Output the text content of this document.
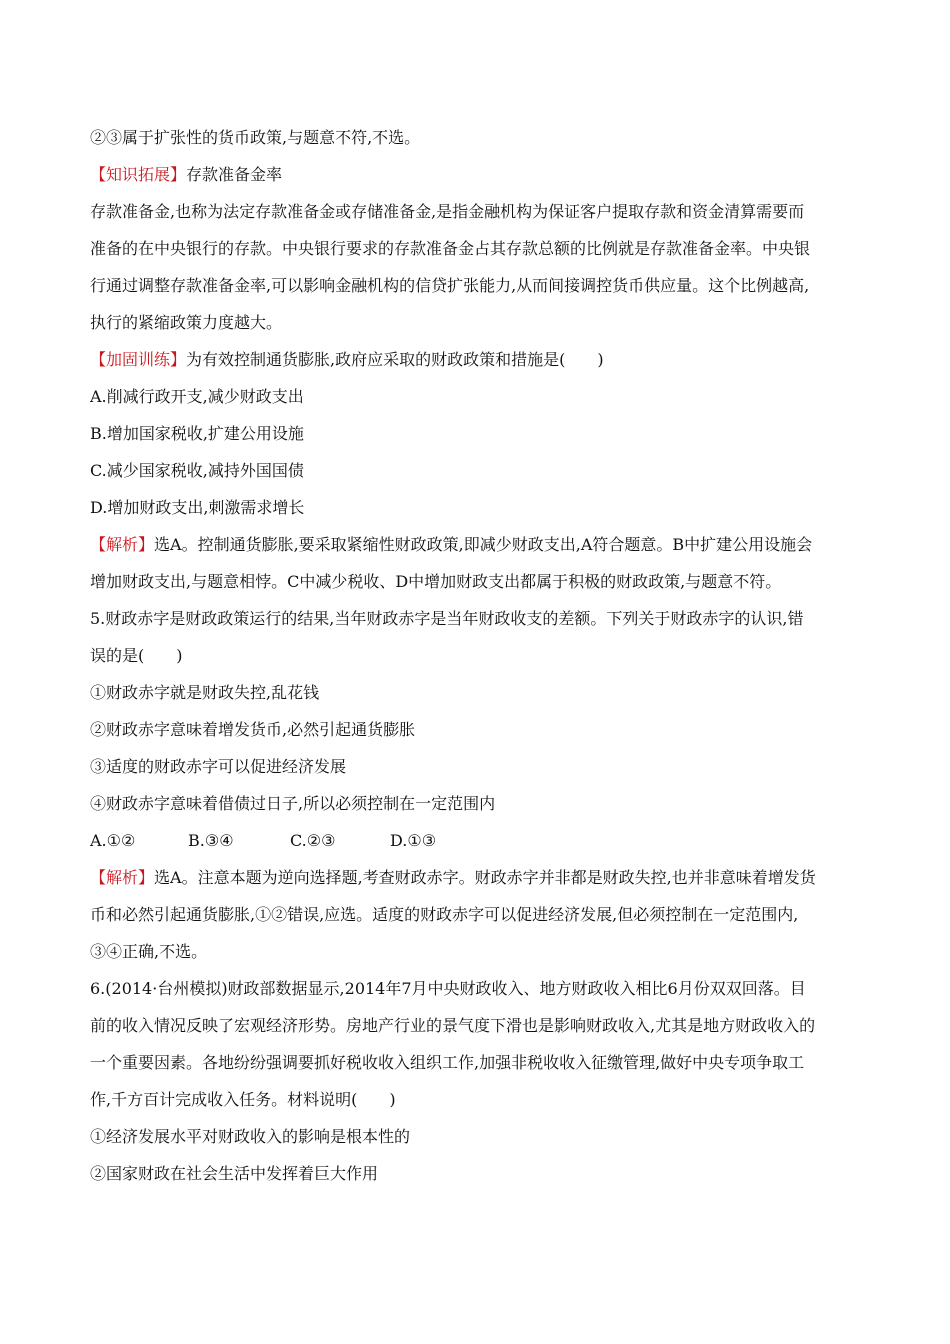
②③属于扩张性的货币政策,与题意不符,不选。
【知识拓展】存款准备金率
存款准备金,也称为法定存款准备金或存储准备金,是指金融机构为保证客户提取存款和资金清算需要而
准备的在中央银行的存款。中央银行要求的存款准备金占其存款总额的比例就是存款准备金率。中央银
行通过调整存款准备金率,可以影响金融机构的信贷扩张能力,从而间接调控货币供应量。这个比例越高,
执行的紧缩政策力度越大。
【加固训练】为有效控制通货膨胀,政府应采取的财政政策和措施是(　　)
A.削减行政开支,减少财政支出
B.增加国家税收,扩建公用设施
C.减少国家税收,减持外国国债
D.增加财政支出,刺激需求增长
【解析】选A。控制通货膨胀,要采取紧缩性财政政策,即减少财政支出,A符合题意。B中扩建公用设施会
增加财政支出,与题意相悖。C中减少税收、D中增加财政支出都属于积极的财政政策,与题意不符。
5.财政赤字是财政政策运行的结果,当年财政赤字是当年财政收支的差额。下列关于财政赤字的认识,错
误的是(　　)
①财政赤字就是财政失控,乱花钱
②财政赤字意味着增发货币,必然引起通货膨胀
③适度的财政赤字可以促进经济发展
④财政赤字意味着借债过日子,所以必须控制在一定范围内
A.①②	B.③④	C.②③	D.①③
【解析】选A。注意本题为逆向选择题,考查财政赤字。财政赤字并非都是财政失控,也并非意味着增发货
币和必然引起通货膨胀,①②错误,应选。适度的财政赤字可以促进经济发展,但必须控制在一定范围内,
③④正确,不选。
6.(2014·台州模拟)财政部数据显示,2014年7月中央财政收入、地方财政收入相比6月份双双回落。目
前的收入情况反映了宏观经济形势。房地产行业的景气度下滑也是影响财政收入,尤其是地方财政收入的
一个重要因素。各地纷纷强调要抓好税收收入组织工作,加强非税收收入征缴管理,做好中央专项争取工
作,千方百计完成收入任务。材料说明(　　)
①经济发展水平对财政收入的影响是根本性的
②国家财政在社会生活中发挥着巨大作用
